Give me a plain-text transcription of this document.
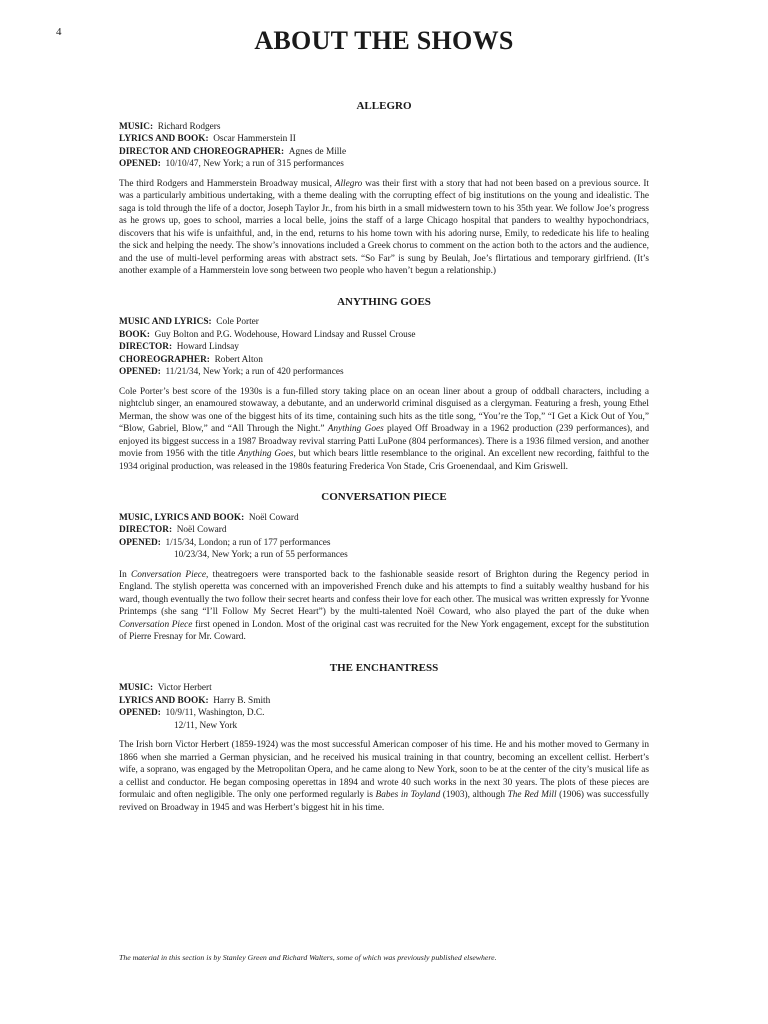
4	ABOUT THE SHOWS
ALLEGRO
MUSIC: Richard Rodgers
LYRICS AND BOOK: Oscar Hammerstein II
DIRECTOR AND CHOREOGRAPHER: Agnes de Mille
OPENED: 10/10/47, New York; a run of 315 performances

The third Rodgers and Hammerstein Broadway musical, Allegro was their first with a story that had not been based on a previous source. It was a particularly ambitious undertaking, with a theme dealing with the corrupting effect of big institutions on the young and idealistic. The saga is told through the life of a doctor, Joseph Taylor Jr., from his birth in a small midwestern town to his 35th year. We follow Joe’s progress as he grows up, goes to school, marries a local belle, joins the staff of a large Chicago hospital that panders to wealthy hypochondriacs, discovers that his wife is unfaithful, and, in the end, returns to his home town with his adoring nurse, Emily, to rededicate his life to healing the sick and helping the needy. The show’s innovations included a Greek chorus to comment on the action both to the actors and the audience, and the use of multi-level performing areas with abstract sets. “So Far” is sung by Beulah, Joe’s flirtatious and temporary girlfriend. (It’s another example of a Hammerstein love song between two people who haven’t begun a relationship.)

ANYTHING GOES
MUSIC AND LYRICS: Cole Porter
BOOK: Guy Bolton and P.G. Wodehouse, Howard Lindsay and Russel Crouse
DIRECTOR: Howard Lindsay
CHOREOGRAPHER: Robert Alton
OPENED: 11/21/34, New York; a run of 420 performances

Cole Porter’s best score of the 1930s is a fun-filled story taking place on an ocean liner about a group of oddball characters, including a nightclub singer, an enamoured stowaway, a debutante, and an underworld criminal disguised as a clergyman. Featuring a fresh, young Ethel Merman, the show was one of the biggest hits of its time, containing such hits as the title song, “You’re the Top,” “I Get a Kick Out of You,” “Blow, Gabriel, Blow,” and “All Through the Night.” Anything Goes played Off Broadway in a 1962 production (239 performances), and enjoyed its biggest success in a 1987 Broadway revival starring Patti LuPone (804 performances). There is a 1936 filmed version, and another movie from 1956 with the title Anything Goes, but which bears little resemblance to the original. An excellent new recording, faithful to the 1934 original production, was released in the 1980s featuring Frederica Von Stade, Cris Groenendaal, and Kim Griswell.

CONVERSATION PIECE
MUSIC, LYRICS AND BOOK: Noël Coward
DIRECTOR: Noël Coward
OPENED: 1/15/34, London; a run of 177 performances
10/23/34, New York; a run of 55 performances

In Conversation Piece, theatregoers were transported back to the fashionable seaside resort of Brighton during the Regency period in England. The stylish operetta was concerned with an impoverished French duke and his attempts to find a suitably wealthy husband for his ward, though eventually the two follow their secret hearts and confess their love for each other. The musical was written expressly for Yvonne Printemps (she sang “I’ll Follow My Secret Heart”) by the multi-talented Noël Coward, who also played the part of the duke when Conversation Piece first opened in London. Most of the original cast was recruited for the New York engagement, except for the substitution of Pierre Fresnay for Mr. Coward.

THE ENCHANTRESS
MUSIC: Victor Herbert
LYRICS AND BOOK: Harry B. Smith
OPENED: 10/9/11, Washington, D.C.
12/11, New York

The Irish born Victor Herbert (1859-1924) was the most successful American composer of his time. He and his mother moved to Germany in 1866 when she married a German physician, and he received his musical training in that country, becoming an excellent cellist. Herbert’s wife, a soprano, was engaged by the Metropolitan Opera, and he came along to New York, soon to be at the center of the city’s musical life as a cellist and conductor. He began composing operettas in 1894 and wrote 40 such works in the next 30 years. The plots of these pieces are formulaic and often negligible. The only one performed regularly is Babes in Toyland (1903), although The Red Mill (1906) was successfully revived on Broadway in 1945 and was Herbert’s biggest hit in his time.

The material in this section is by Stanley Green and Richard Walters, some of which was previously published elsewhere.
